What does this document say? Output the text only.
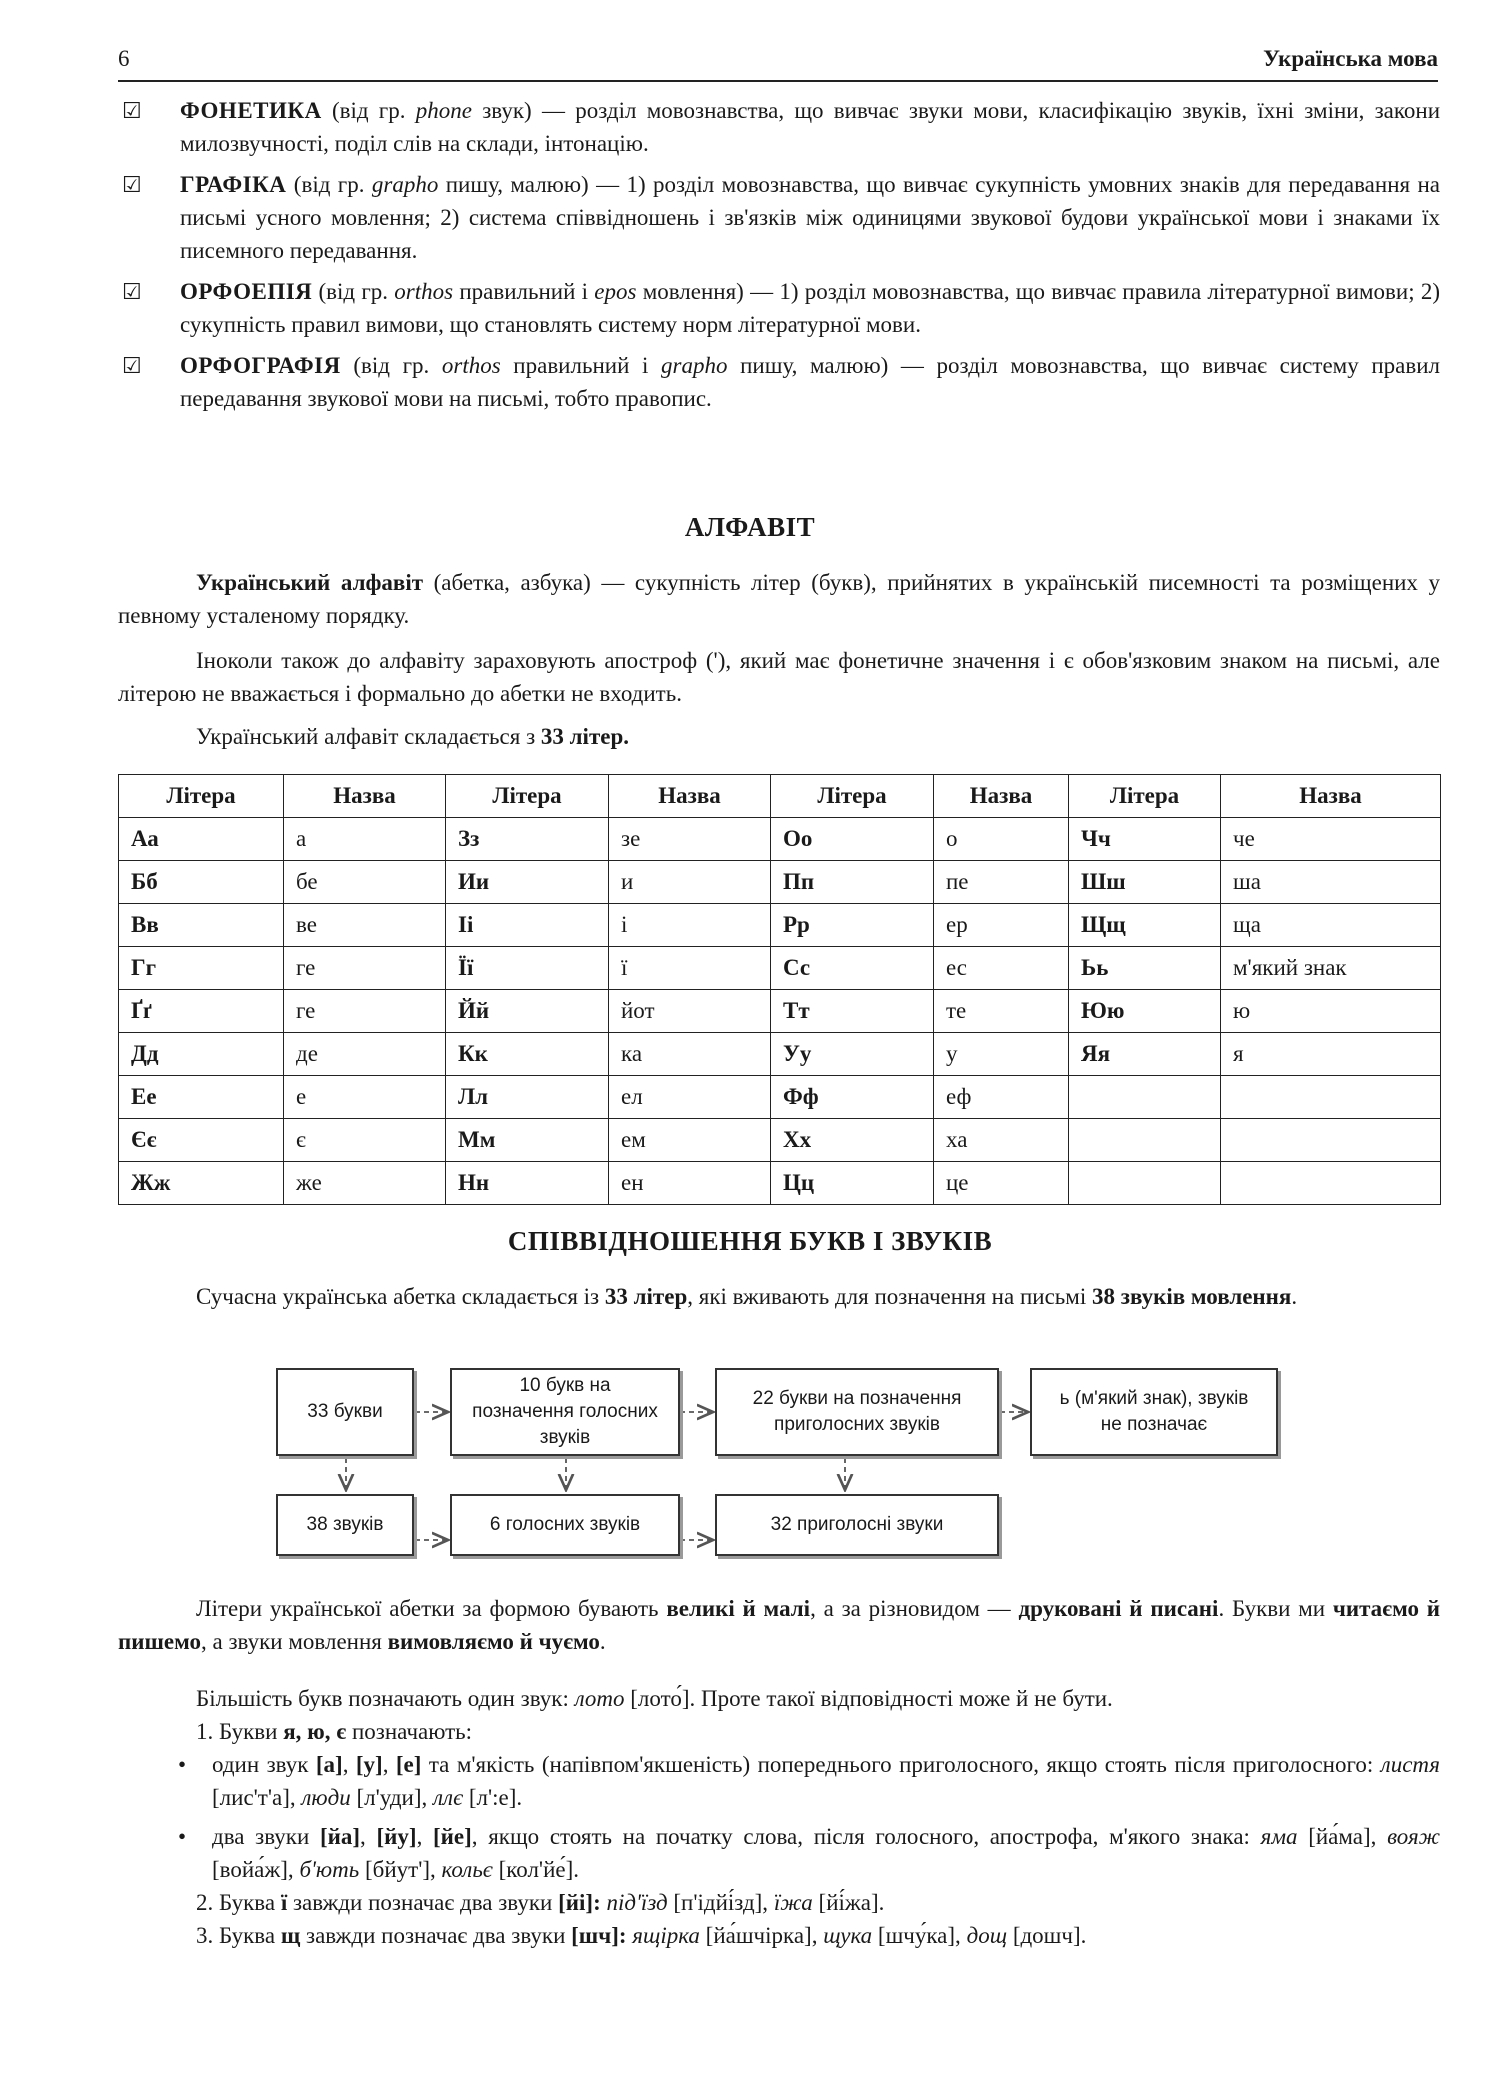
6	Українська мова
☑ ФОНЕТИКА (від гр. phone звук) — розділ мовознавства, що вивчає звуки мови, класифікацію звуків, їхні зміни, закони милозвучності, поділ слів на склади, інтонацію.
☑ ГРАФІКА (від гр. grapho пишу, малюю) — 1) розділ мовознавства, що вивчає сукупність умовних знаків для передавання на письмі усного мовлення; 2) система співвідношень і зв'язків між одиницями звукової будови української мови і знаками їх писемного передавання.
☑ ОРФОЕПІЯ (від гр. orthos правильний і epos мовлення) — 1) розділ мовознавства, що вивчає правила літературної вимови; 2) сукупність правил вимови, що становлять систему норм літературної мови.
☑ ОРФОГРАФІЯ (від гр. orthos правильний і grapho пишу, малюю) — розділ мовознавства, що вивчає систему правил передавання звукової мови на письмі, тобто правопис.
АЛФАВІТ
Український алфавіт (абетка, азбука) — сукупність літер (букв), прийнятих в українській писемності та розміщених у певному усталеному порядку.
Іноколи також до алфавіту зараховують апостроф ('), який має фонетичне значення і є обов'язковим знаком на письмі, але літерою не вважається і формально до абетки не входить.
Український алфавіт складається з 33 літер.
Літера	Назва	Літера	Назва	Літера	Назва	Літера	Назва
Аа	а	Зз	зе	Оо	о	Чч	че
Бб	бе	Ии	и	Пп	пе	Шш	ша
Вв	ве	Іі	і	Рр	ер	Щщ	ща
Гг	ге	Її	ї	Сс	ес	Ьь	м'який знак
Ґґ	ге	Йй	йот	Тт	те	Юю	ю
Дд	де	Кк	ка	Уу	у	Яя	я
Ее	е	Лл	ел	Фф	еф		
Єє	є	Мм	ем	Хх	ха		
Жж	же	Нн	ен	Цц	це		
СПІВВІДНОШЕННЯ БУКВ І ЗВУКІВ
Сучасна українська абетка складається із 33 літер, які вживають для позначення на письмі 38 звуків мовлення.
33 букви
10 букв на позначення голосних звуків
22 букви на позначення приголосних звуків
ь (м'який знак), звуків не позначає
38 звуків	6 голосних звуків	32 приголосні звуки
Літери української абетки за формою бувають великі й малі, а за різновидом — друковані й писані. Букви ми читаємо й пишемо, а звуки мовлення вимовляємо й чуємо.
Більшість букв позначають один звук: лото [лото́]. Проте такої відповідності може й не бути.
1. Букви я, ю, є позначають:
• один звук [а], [у], [е] та м'якість (напівпом'якшеність) попереднього приголосного, якщо стоять після приголосного: листя [лис'т'а], люди [л'уди], ллє [л':е].
• два звуки [йа], [йу], [йе], якщо стоять на початку слова, після голосного, апострофа, м'якого знака: яма [йа́ма], вояж [войа́ж], б'ють [бйут'], кольє [кол'йе́].
2. Буква ї завжди позначає два звуки [йі]: під'їзд [п'ідйі́зд], їжа [йі́жа].
3. Буква щ завжди позначає два звуки [шч]: ящірка [йа́шчірка], щука [шчу́ка], дощ [дошч].
